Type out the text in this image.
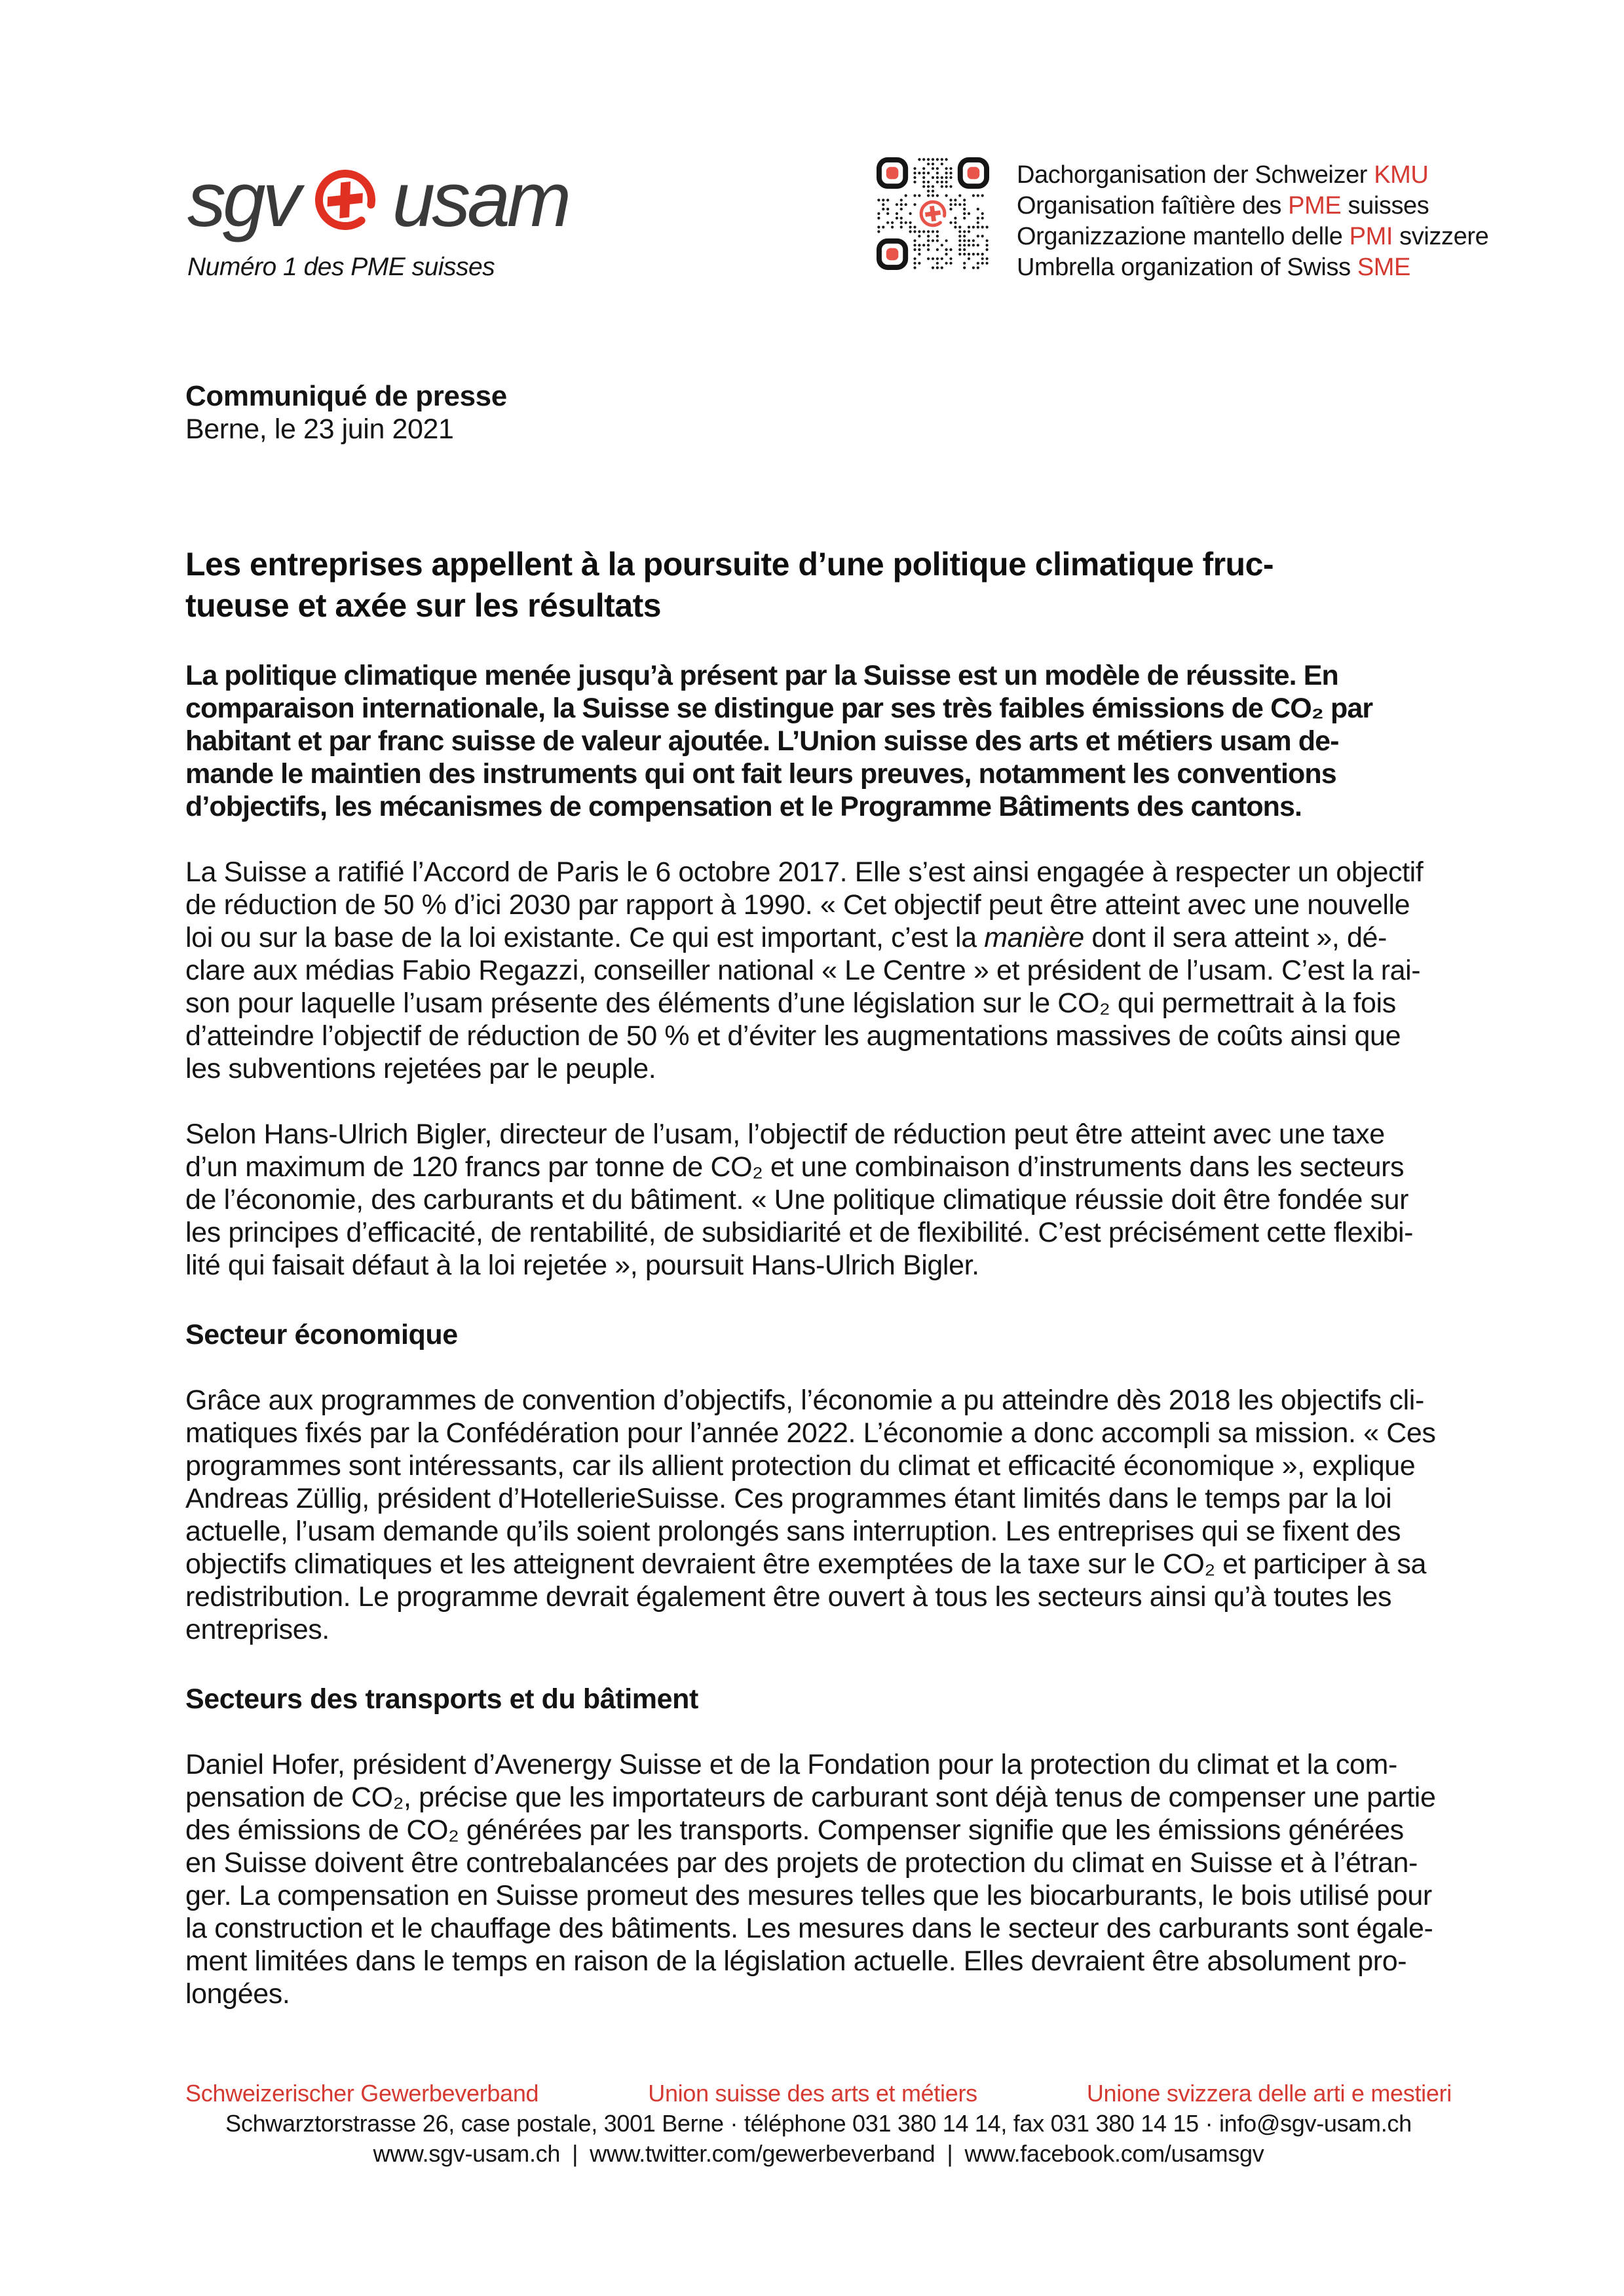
sgv usam
Numéro 1 des PME suisses
Dachorganisation der Schweizer KMU
Organisation faîtière des PME suisses
Organizzazione mantello delle PMI svizzere
Umbrella organization of Swiss SME
Communiqué de presse
Berne, le 23 juin 2021
Les entreprises appellent à la poursuite d’une politique climatique fruc-
tueuse et axée sur les résultats
La politique climatique menée jusqu’à présent par la Suisse est un modèle de réussite. En
comparaison internationale, la Suisse se distingue par ses très faibles émissions de CO₂ par
habitant et par franc suisse de valeur ajoutée. L’Union suisse des arts et métiers usam de-
mande le maintien des instruments qui ont fait leurs preuves, notamment les conventions
d’objectifs, les mécanismes de compensation et le Programme Bâtiments des cantons.
La Suisse a ratifié l’Accord de Paris le 6 octobre 2017. Elle s’est ainsi engagée à respecter un objectif
de réduction de 50 % d’ici 2030 par rapport à 1990. « Cet objectif peut être atteint avec une nouvelle
loi ou sur la base de la loi existante. Ce qui est important, c’est la manière dont il sera atteint », dé-
clare aux médias Fabio Regazzi, conseiller national « Le Centre » et président de l’usam. C’est la rai-
son pour laquelle l’usam présente des éléments d’une législation sur le CO₂ qui permettrait à la fois
d’atteindre l’objectif de réduction de 50 % et d’éviter les augmentations massives de coûts ainsi que
les subventions rejetées par le peuple.
Selon Hans-Ulrich Bigler, directeur de l’usam, l’objectif de réduction peut être atteint avec une taxe
d’un maximum de 120 francs par tonne de CO₂ et une combinaison d’instruments dans les secteurs
de l’économie, des carburants et du bâtiment. « Une politique climatique réussie doit être fondée sur
les principes d’efficacité, de rentabilité, de subsidiarité et de flexibilité. C’est précisément cette flexibi-
lité qui faisait défaut à la loi rejetée », poursuit Hans-Ulrich Bigler.
Secteur économique
Grâce aux programmes de convention d’objectifs, l’économie a pu atteindre dès 2018 les objectifs cli-
matiques fixés par la Confédération pour l’année 2022. L’économie a donc accompli sa mission. « Ces
programmes sont intéressants, car ils allient protection du climat et efficacité économique », explique
Andreas Züllig, président d’HotellerieSuisse. Ces programmes étant limités dans le temps par la loi
actuelle, l’usam demande qu’ils soient prolongés sans interruption. Les entreprises qui se fixent des
objectifs climatiques et les atteignent devraient être exemptées de la taxe sur le CO₂ et participer à sa
redistribution. Le programme devrait également être ouvert à tous les secteurs ainsi qu’à toutes les
entreprises.
Secteurs des transports et du bâtiment
Daniel Hofer, président d’Avenergy Suisse et de la Fondation pour la protection du climat et la com-
pensation de CO₂, précise que les importateurs de carburant sont déjà tenus de compenser une partie
des émissions de CO₂ générées par les transports. Compenser signifie que les émissions générées
en Suisse doivent être contrebalancées par des projets de protection du climat en Suisse et à l’étran-
ger. La compensation en Suisse promeut des mesures telles que les biocarburants, le bois utilisé pour
la construction et le chauffage des bâtiments. Les mesures dans le secteur des carburants sont égale-
ment limitées dans le temps en raison de la législation actuelle. Elles devraient être absolument pro-
longées.
Schweizerischer Gewerbeverband	Union suisse des arts et métiers	Unione svizzera delle arti e mestieri
Schwarztorstrasse 26, case postale, 3001 Berne · téléphone 031 380 14 14, fax 031 380 14 15 · info@sgv-usam.ch
www.sgv-usam.ch | www.twitter.com/gewerbeverband | www.facebook.com/usamsgv
